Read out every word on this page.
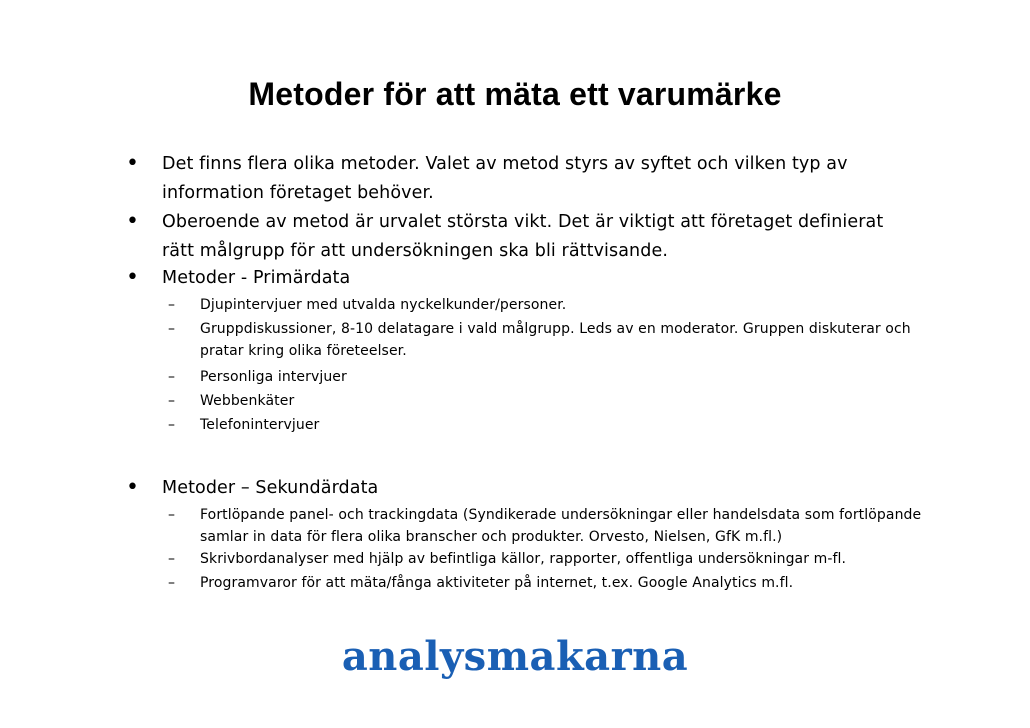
Metoder för att mäta ett varumärke
• Det finns flera olika metoder. Valet av metod styrs av syftet och vilken typ av information företaget behöver.
• Oberoende av metod är urvalet största vikt. Det är viktigt att företaget definierat rätt målgrupp för att undersökningen ska bli rättvisande.
• Metoder - Primärdata
– Djupintervjuer med utvalda nyckelkunder/personer.
– Gruppdiskussioner, 8-10 delatagare i vald målgrupp. Leds av en moderator. Gruppen diskuterar och pratar kring olika företeelser.
– Personliga intervjuer
– Webbenkäter
– Telefonintervjuer
• Metoder – Sekundärdata
– Fortlöpande panel- och trackingdata (Syndikerade undersökningar eller handelsdata som fortlöpande samlar in data för flera olika branscher och produkter. Orvesto, Nielsen, GfK m.fl.)
– Skrivbordanalyser med hjälp av befintliga källor, rapporter, offentliga undersökningar m-fl.
– Programvaror för att mäta/fånga aktiviteter på internet, t.ex. Google Analytics m.fl.
analysmakarna
